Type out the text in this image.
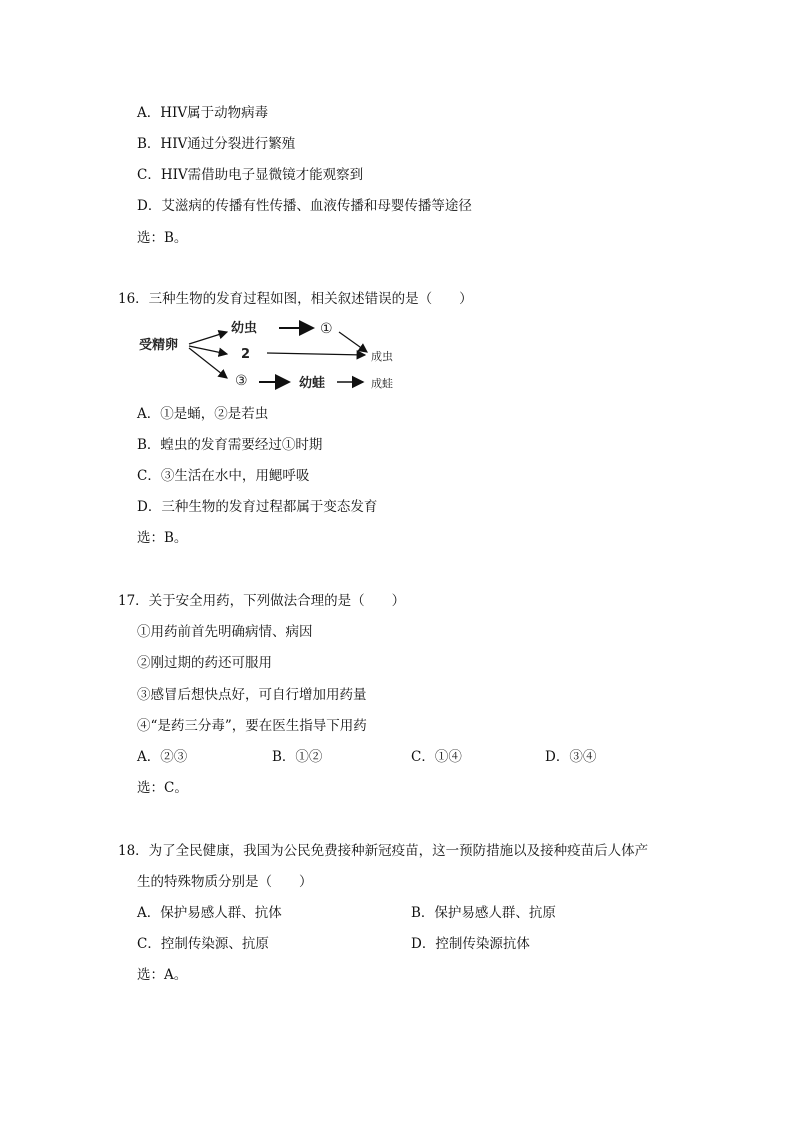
A．HIV属于动物病毒
B．HIV通过分裂进行繁殖
C．HIV需借助电子显微镜才能观察到
D．艾滋病的传播有性传播、血液传播和母婴传播等途径
选：B。
16．三种生物的发育过程如图，相关叙述错误的是（　　）
受精卵
幼虫	①
2	成虫
③	幼蛙	成蛙
A．①是蛹，②是若虫
B．蝗虫的发育需要经过①时期
C．③生活在水中，用鳃呼吸
D．三种生物的发育过程都属于变态发育
选：B。
17．关于安全用药，下列做法合理的是（　　）
①用药前首先明确病情、病因
②刚过期的药还可服用
③感冒后想快点好，可自行增加用药量
④“是药三分毒”，要在医生指导下用药
A．②③	B．①②	C．①④	D．③④
选：C。
18．为了全民健康，我国为公民免费接种新冠疫苗，这一预防措施以及接种疫苗后人体产
生的特殊物质分别是（　　）
A．保护易感人群、抗体	B．保护易感人群、抗原
C．控制传染源、抗原	D．控制传染源抗体
选：A。
